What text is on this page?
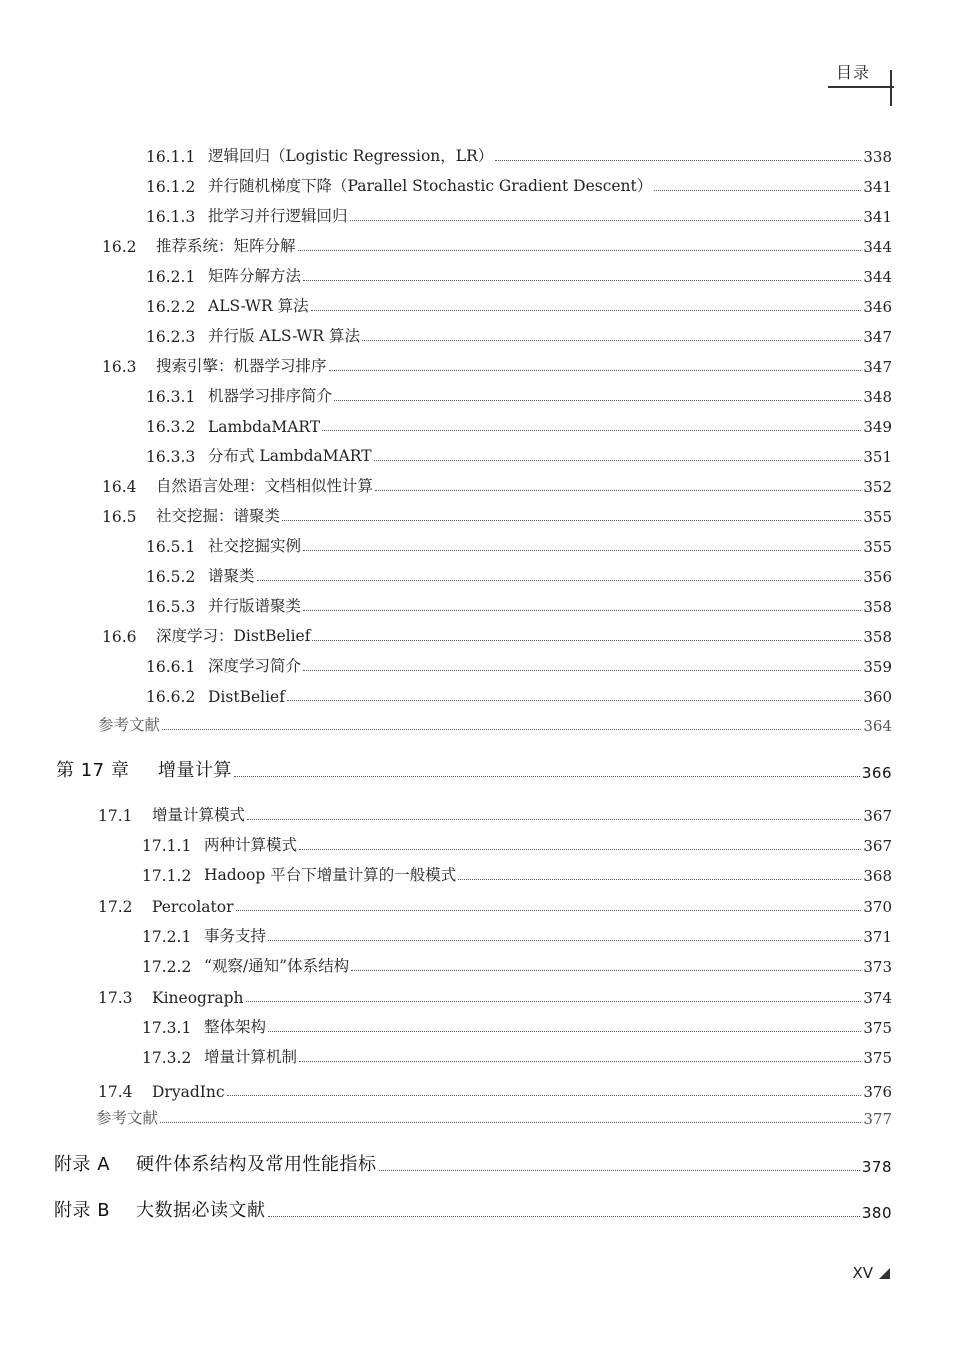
目录
16.1.1 逻辑回归（Logistic Regression，LR）	338
16.1.2 并行随机梯度下降（Parallel Stochastic Gradient Descent）	341
16.1.3 批学习并行逻辑回归	341
16.2	推荐系统：矩阵分解	344
16.2.1 矩阵分解方法	344
16.2.2 ALS-WR 算法	346
16.2.3 并行版 ALS-WR 算法	347
16.3	搜索引擎：机器学习排序	347
16.3.1 机器学习排序简介	348
16.3.2 LambdaMART	349
16.3.3 分布式 LambdaMART	351
16.4	自然语言处理：文档相似性计算	352
16.5	社交挖掘：谱聚类	355
16.5.1 社交挖掘实例	355
16.5.2 谱聚类	356
16.5.3 并行版谱聚类	358
16.6	深度学习：DistBelief	358
16.6.1 深度学习简介	359
16.6.2 DistBelief	360
参考文献	364
第 17 章	增量计算	366
17.1	增量计算模式	367
17.1.1 两种计算模式	367
17.1.2 Hadoop 平台下增量计算的一般模式	368
17.2	Percolator	370
17.2.1 事务支持	371
17.2.2 “观察/通知”体系结构	373
17.3	Kineograph	374
17.3.1 整体架构	375
17.3.2 增量计算机制	375
17.4	DryadInc	376
参考文献	377
附录 A	硬件体系结构及常用性能指标	378
附录 B	大数据必读文献	380
XV
